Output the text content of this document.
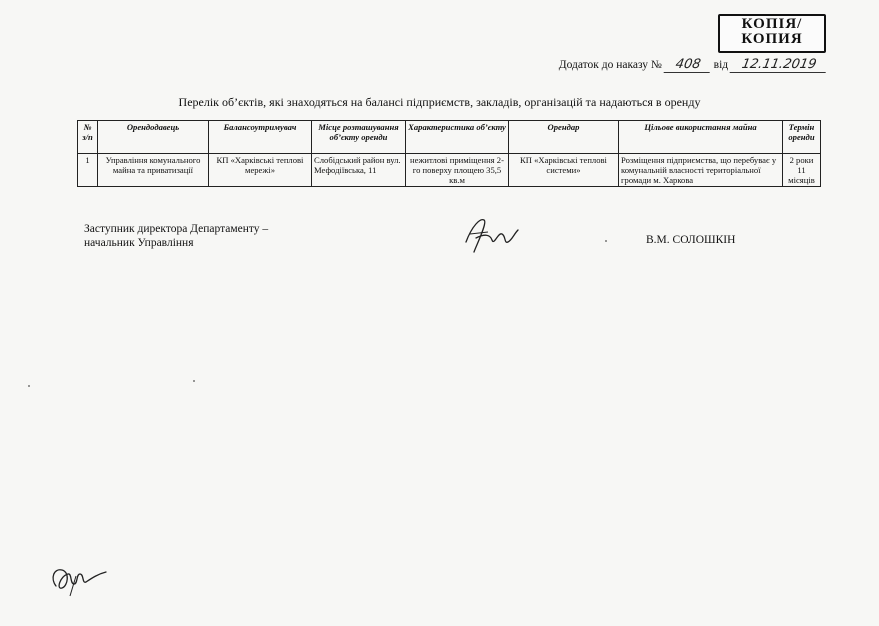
КОПІЯ/
КОПИЯ
Додаток до наказу № 408 від 12.11.2019
Перелік об’єктів, які знаходяться на балансі підприємств, закладів, організацій та надаються в оренду
№ з/п	Орендодавець	Балансоутримувач	Місце розташування об’єкту оренди	Характеристика об’єкту	Орендар	Цільове використання майна	Термін оренди
1	Управління комунального майна та приватизації	КП «Харківські теплові мережі»	Слобідський район вул. Мефодіївська, 11	нежитлові приміщення 2-го поверху площею 35,5 кв.м	КП «Харківські теплові системи»	Розміщення підприємства, що перебуває у комунальній власності територіальної громади м. Харкова	2 роки 11 місяців
Заступник директора Департаменту –
начальник Управління	В.М. СОЛОШКІН
